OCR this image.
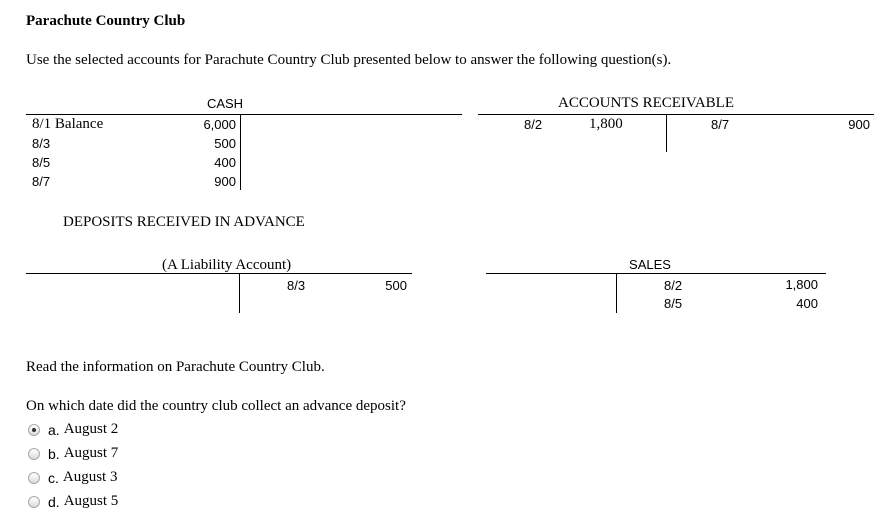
Parachute Country Club
Use the selected accounts for Parachute Country Club presented below to answer the following question(s).
CASH
8/1 Balance	6,000
8/3	500
8/5	400
8/7	900
ACCOUNTS RECEIVABLE
8/2	1,800	8/7	900
DEPOSITS RECEIVED IN ADVANCE
(A Liability Account)
8/3	500
SALES
8/2	1,800
8/5	400
Read the information on Parachute Country Club.
On which date did the country club collect an advance deposit?
a. August 2
b. August 7
c. August 3
d. August 5
